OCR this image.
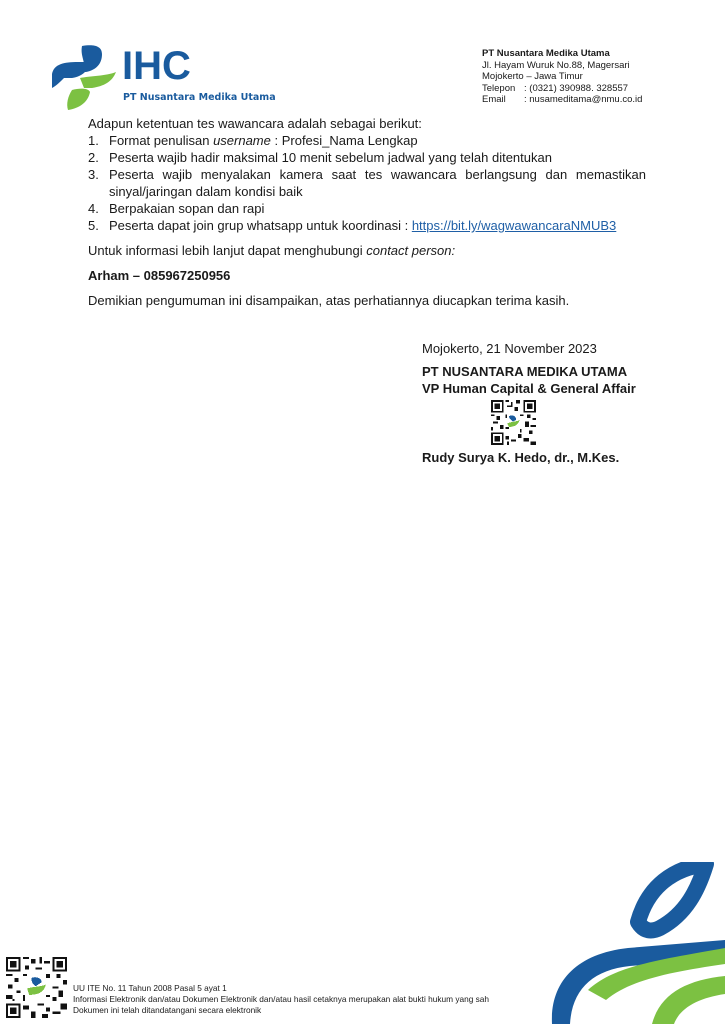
IHC
PT Nusantara Medika Utama
PT Nusantara Medika Utama
Jl. Hayam Wuruk No.88, Magersari
Mojokerto – Jawa Timur
Telepon : (0321) 390988. 328557
Email : nusameditama@nmu.co.id

Adapun ketentuan tes wawancara adalah sebagai berikut:

1. Format penulisan username : Profesi_Nama Lengkap
2. Peserta wajib hadir maksimal 10 menit sebelum jadwal yang telah ditentukan
3. Peserta wajib menyalakan kamera saat tes wawancara berlangsung dan memastikan sinyal/jaringan dalam kondisi baik
4. Berpakaian sopan dan rapi
5. Peserta dapat join grup whatsapp untuk koordinasi : https://bit.ly/wagwawancaraNMUB3
Untuk informasi lebih lanjut dapat menghubungi contact person:
Arham – 085967250956
Demikian pengumuman ini disampaikan, atas perhatiannya diucapkan terima kasih.
Mojokerto, 21 November 2023
PT NUSANTARA MEDIKA UTAMA
VP Human Capital & General Affair
Rudy Surya K. Hedo, dr., M.Kes.
UU ITE No. 11 Tahun 2008 Pasal 5 ayat 1
Informasi Elektronik dan/atau Dokumen Elektronik dan/atau hasil cetaknya merupakan alat bukti hukum yang sah
Dokumen ini telah ditandatangani secara elektronik
